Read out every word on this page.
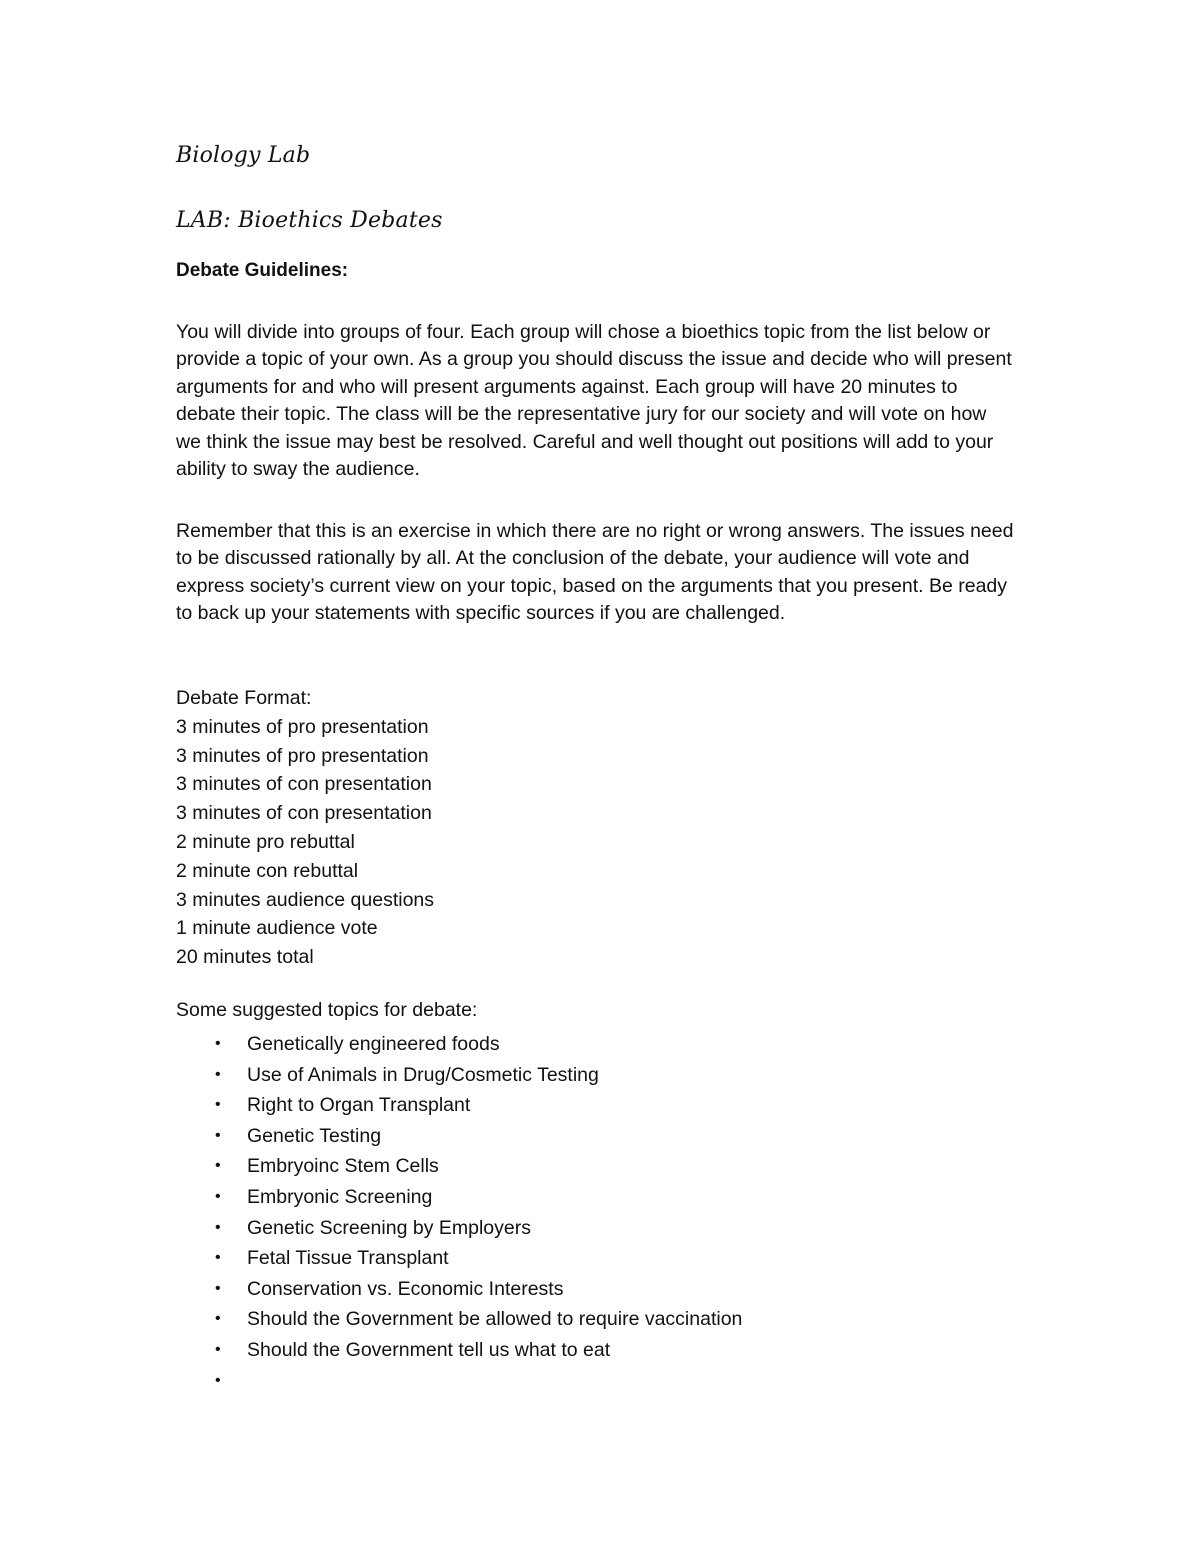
Biology Lab
LAB: Bioethics Debates
Debate Guidelines:

You will divide into groups of four. Each group will chose a bioethics topic from the list below or provide a topic of your own. As a group you should discuss the issue and decide who will present arguments for and who will present arguments against. Each group will have 20 minutes to debate their topic. The class will be the representative jury for our society and will vote on how we think the issue may best be resolved. Careful and well thought out positions will add to your ability to sway the audience.

Remember that this is an exercise in which there are no right or wrong answers. The issues need to be discussed rationally by all. At the conclusion of the debate, your audience will vote and express society’s current view on your topic, based on the arguments that you present. Be ready to back up your statements with specific sources if you are challenged.

Debate Format:
3 minutes of pro presentation
3 minutes of pro presentation
3 minutes of con presentation
3 minutes of con presentation
2 minute pro rebuttal
2 minute con rebuttal
3 minutes audience questions
1 minute audience vote
20 minutes total

Some suggested topics for debate:

• Genetically engineered foods
• Use of Animals in Drug/Cosmetic Testing
• Right to Organ Transplant
• Genetic Testing
• Embryoinc Stem Cells
• Embryonic Screening
• Genetic Screening by Employers
• Fetal Tissue Transplant
• Conservation vs. Economic Interests
• Should the Government be allowed to require vaccination
• Should the Government tell us what to eat
•
